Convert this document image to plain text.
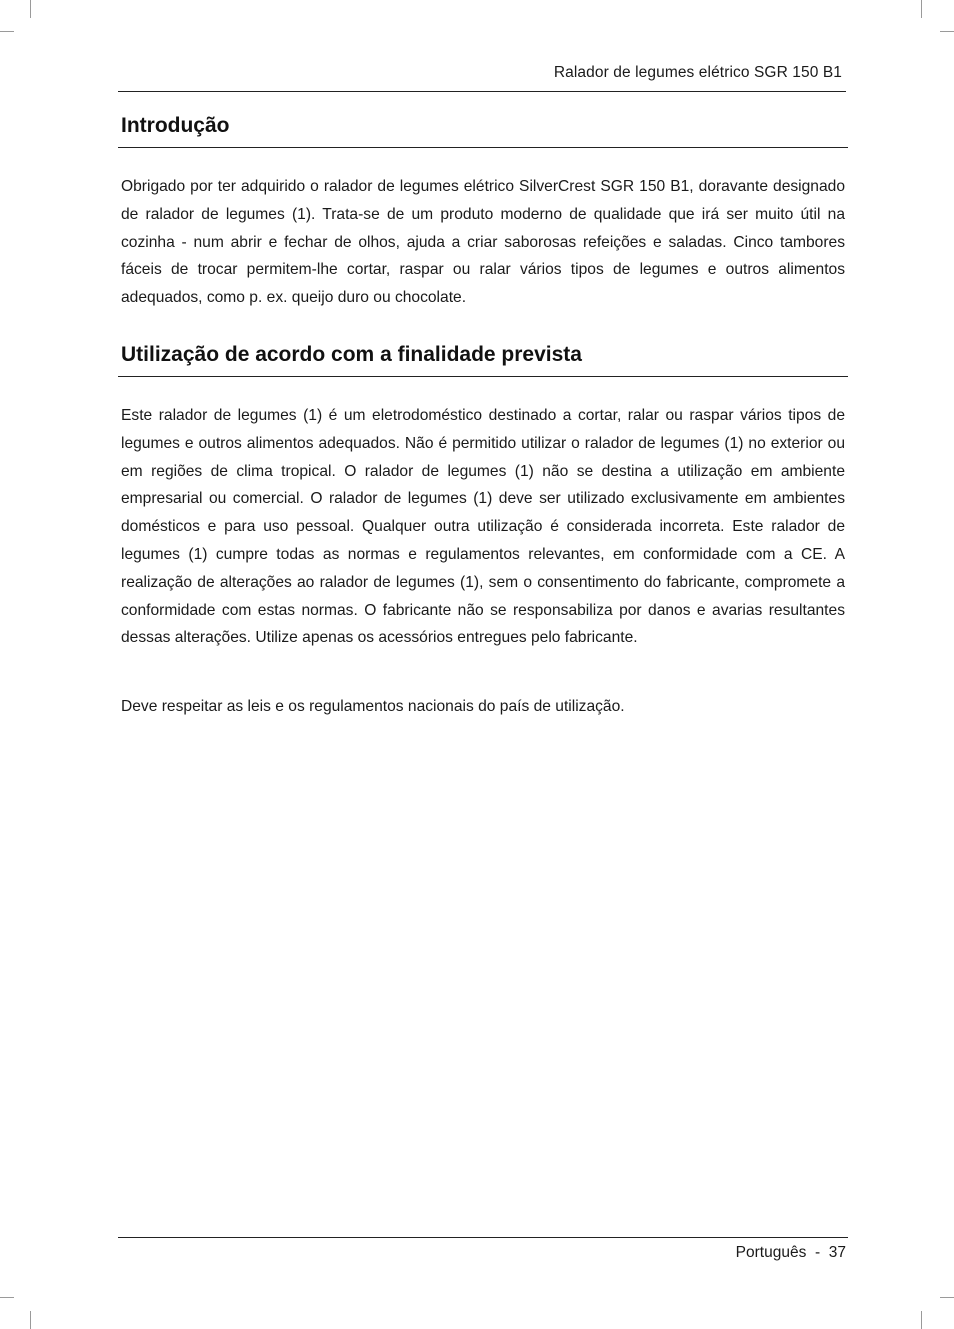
Ralador de legumes elétrico SGR 150 B1
Introdução

Obrigado por ter adquirido o ralador de legumes elétrico SilverCrest SGR 150 B1, doravante designado de ralador de legumes (1). Trata-se de um produto moderno de qualidade que irá ser muito útil na cozinha - num abrir e fechar de olhos, ajuda a criar saborosas refeições e saladas. Cinco tambores fáceis de trocar permitem-lhe cortar, raspar ou ralar vários tipos de legumes e outros alimentos adequados, como p. ex. queijo duro ou chocolate.

Utilização de acordo com a finalidade prevista

Este ralador de legumes (1) é um eletrodoméstico destinado a cortar, ralar ou raspar vários tipos de legumes e outros alimentos adequados. Não é permitido utilizar o ralador de legumes (1) no exterior ou em regiões de clima tropical. O ralador de legumes (1) não se destina a utilização em ambiente empresarial ou comercial. O ralador de legumes (1) deve ser utilizado exclusivamente em ambientes domésticos e para uso pessoal. Qualquer outra utilização é considerada incorreta. Este ralador de legumes (1) cumpre todas as normas e regulamentos relevantes, em conformidade com a CE. A realização de alterações ao ralador de legumes (1), sem o consentimento do fabricante, compromete a conformidade com estas normas. O fabricante não se responsabiliza por danos e avarias resultantes dessas alterações. Utilize apenas os acessórios entregues pelo fabricante.

Deve respeitar as leis e os regulamentos nacionais do país de utilização.

Português - 37
